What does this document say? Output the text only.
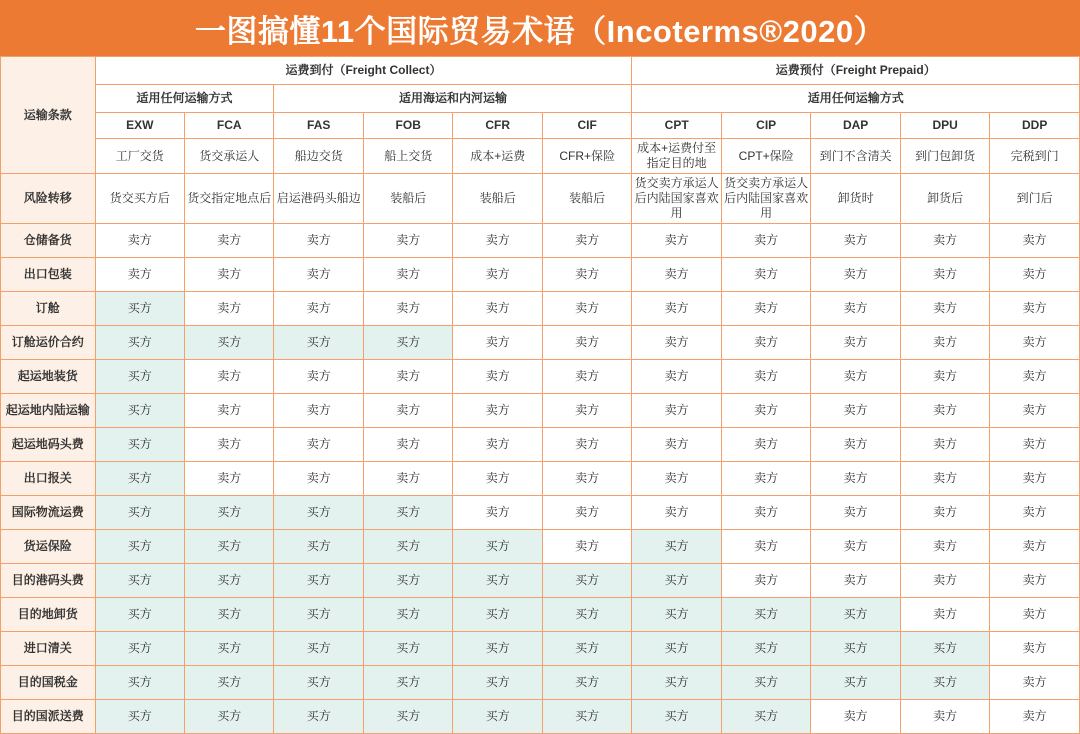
一图搞懂11个国际贸易术语（Incoterms®2020）
运输条款	运费到付（Freight Collect）						运费预付（Freight Prepaid）				
	适用任何运输方式		适用海运和内河运输				适用任何运输方式				
	EXW	FCA	FAS	FOB	CFR	CIF	CPT	CIP	DAP	DPU	DDP
	工厂交货	货交承运人	船边交货	船上交货	成本+运费	CFR+保险	成本+运费付至指定目的地	CPT+保险	到门不含清关	到门包卸货	完税到门
风险转移	货交买方后	货交指定地点后	启运港码头船边	装船后	装船后	装船后	货交卖方承运人后内陆国家喜欢用	货交卖方承运人后内陆国家喜欢用	卸货时	卸货后	到门后
仓储备货	卖方	卖方	卖方	卖方	卖方	卖方	卖方	卖方	卖方	卖方	卖方
出口包装	卖方	卖方	卖方	卖方	卖方	卖方	卖方	卖方	卖方	卖方	卖方
订舱	买方	卖方	卖方	卖方	卖方	卖方	卖方	卖方	卖方	卖方	卖方
订舱运价合约	买方	买方	买方	买方	卖方	卖方	卖方	卖方	卖方	卖方	卖方
起运地装货	买方	卖方	卖方	卖方	卖方	卖方	卖方	卖方	卖方	卖方	卖方
起运地内陆运输	买方	卖方	卖方	卖方	卖方	卖方	卖方	卖方	卖方	卖方	卖方
起运地码头费	买方	卖方	卖方	卖方	卖方	卖方	卖方	卖方	卖方	卖方	卖方
出口报关	买方	卖方	卖方	卖方	卖方	卖方	卖方	卖方	卖方	卖方	卖方
国际物流运费	买方	买方	买方	买方	卖方	卖方	卖方	卖方	卖方	卖方	卖方
货运保险	买方	买方	买方	买方	买方	卖方	买方	卖方	卖方	卖方	卖方
目的港码头费	买方	买方	买方	买方	买方	买方	买方	卖方	卖方	卖方	卖方
目的地卸货	买方	买方	买方	买方	买方	买方	买方	买方	买方	卖方	卖方
进口清关	买方	买方	买方	买方	买方	买方	买方	买方	买方	买方	卖方
目的国税金	买方	买方	买方	买方	买方	买方	买方	买方	买方	买方	卖方
目的国派送费	买方	买方	买方	买方	买方	买方	买方	买方	卖方	卖方	卖方
